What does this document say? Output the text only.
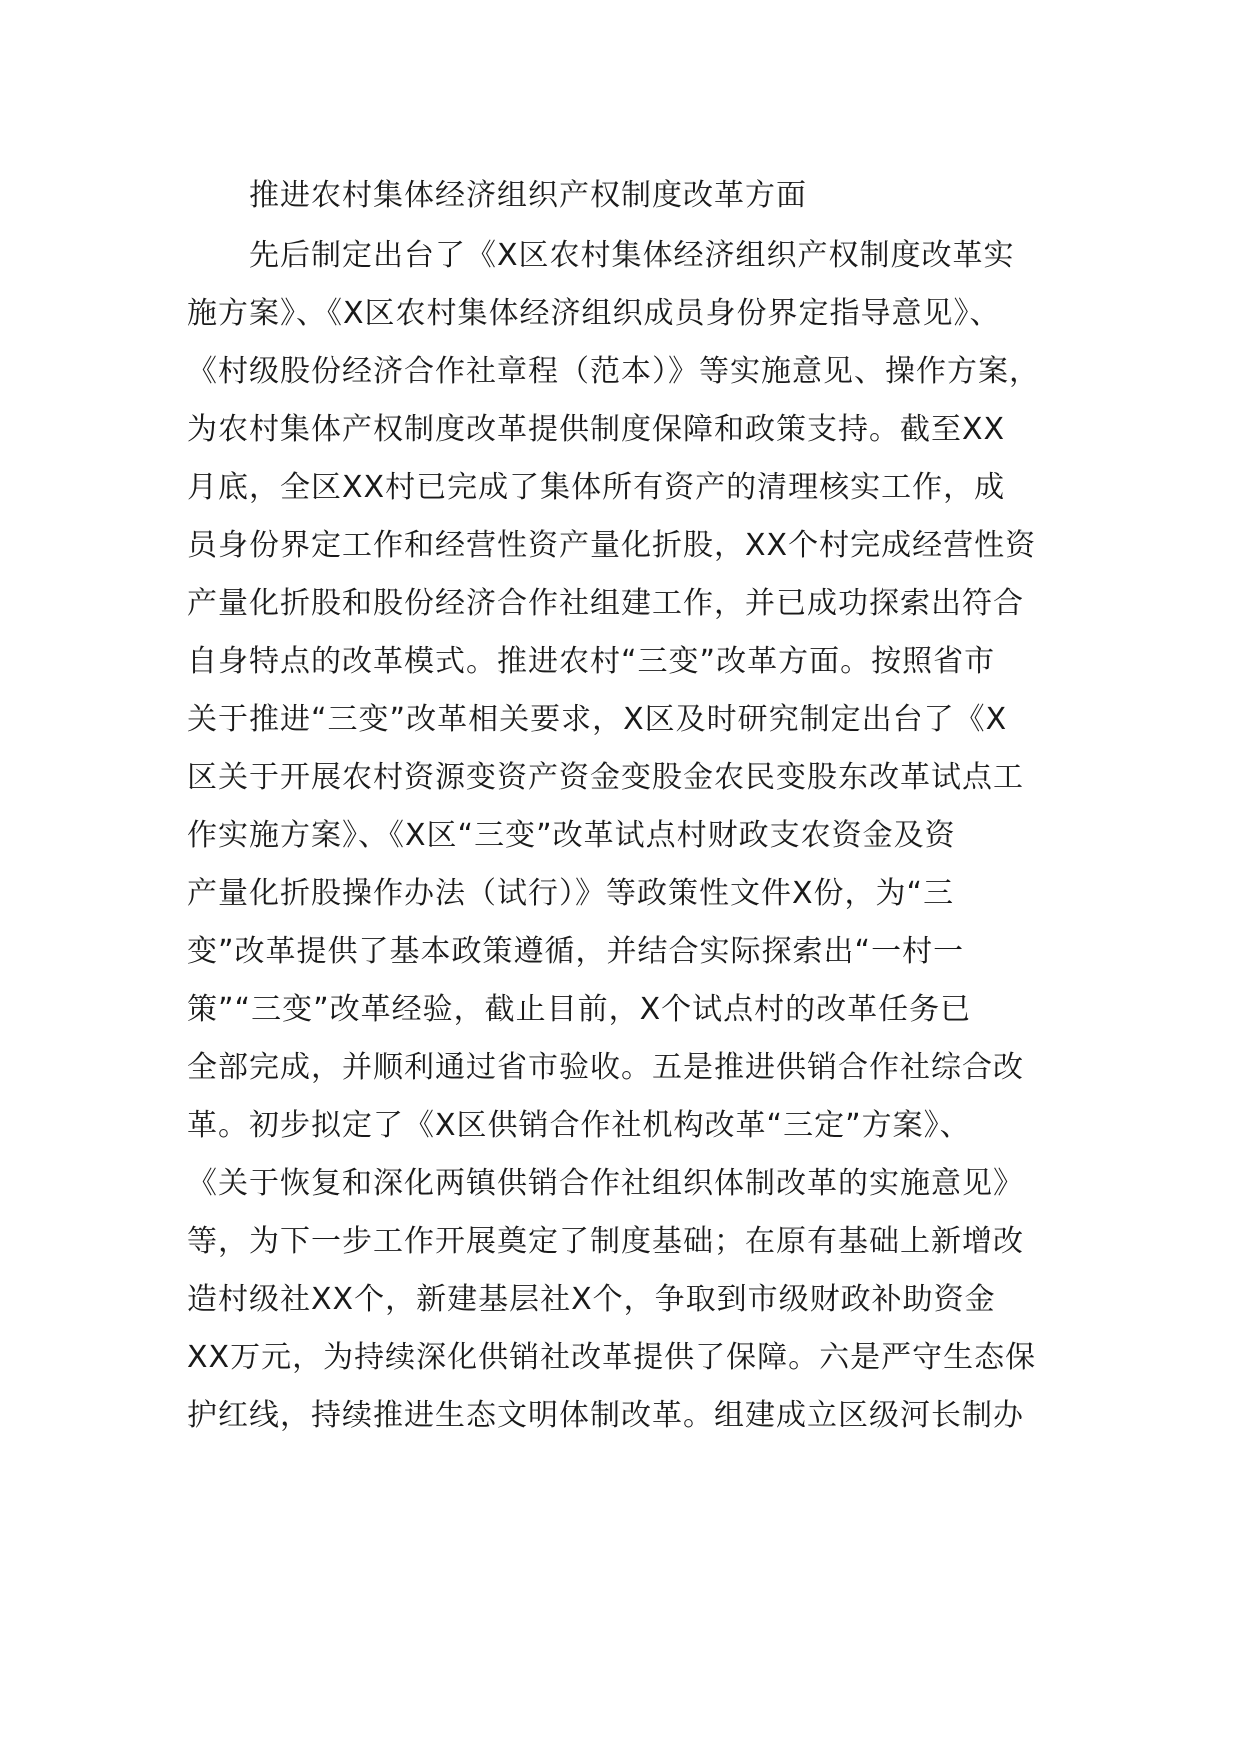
推进农村集体经济组织产权制度改革方面

先后制定出台了《X区农村集体经济组织产权制度改革实

施方案》、《X区农村集体经济组织成员身份界定指导意见》、

《村级股份经济合作社章程（范本）》等实施意见、操作方案，

为农村集体产权制度改革提供制度保障和政策支持。截至XX

月底，全区XX村已完成了集体所有资产的清理核实工作，成

员身份界定工作和经营性资产量化折股，XX个村完成经营性资

产量化折股和股份经济合作社组建工作，并已成功探索出符合

自身特点的改革模式。推进农村“三变”改革方面。按照省市

关于推进“三变”改革相关要求，X区及时研究制定出台了《X

区关于开展农村资源变资产资金变股金农民变股东改革试点工

作实施方案》、《X区“三变”改革试点村财政支农资金及资

产量化折股操作办法（试行）》等政策性文件X份，为“三

变”改革提供了基本政策遵循，并结合实际探索出“一村一

策”“三变”改革经验，截止目前，X个试点村的改革任务已

全部完成，并顺利通过省市验收。五是推进供销合作社综合改

革。初步拟定了《X区供销合作社机构改革“三定”方案》、

《关于恢复和深化两镇供销合作社组织体制改革的实施意见》

等，为下一步工作开展奠定了制度基础；在原有基础上新增改

造村级社XX个，新建基层社X个，争取到市级财政补助资金

XX万元，为持续深化供销社改革提供了保障。六是严守生态保

护红线，持续推进生态文明体制改革。组建成立区级河长制办
